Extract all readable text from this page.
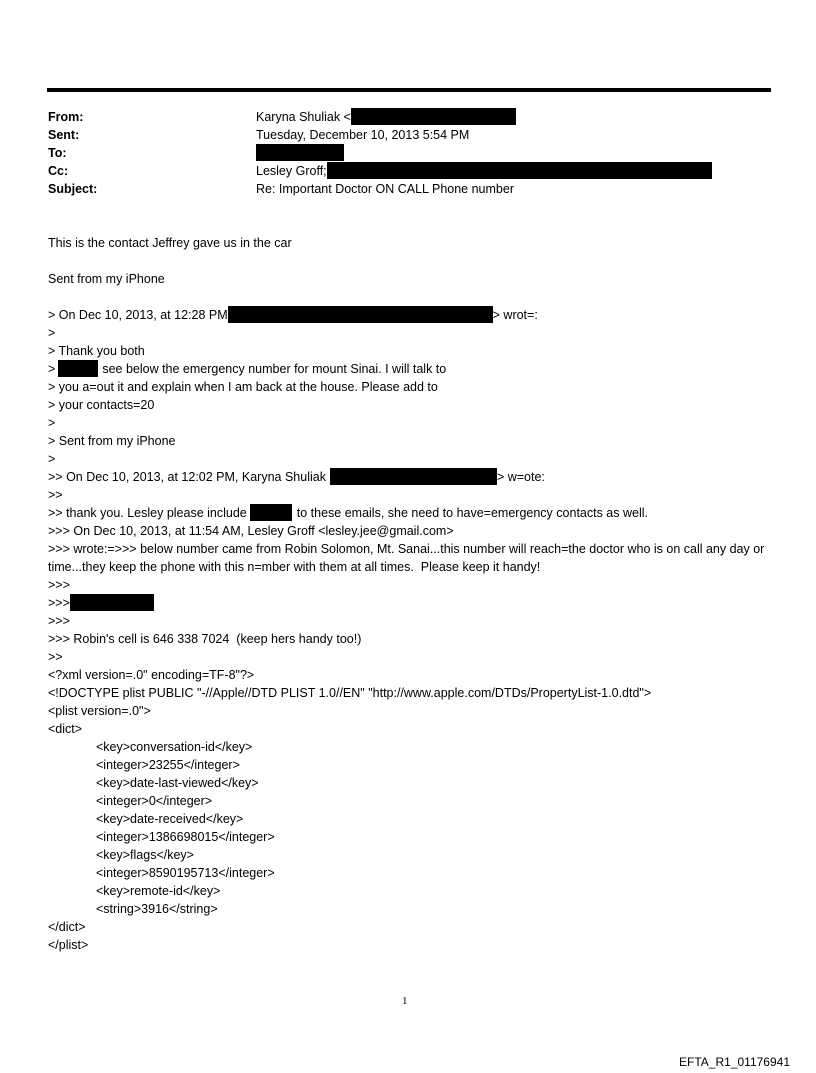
From:	Karyna Shuliak <
Sent:	Tuesday, December 10, 2013 5:54 PM
To:
Cc:	Lesley Groff;
Subject:	Re: Important Doctor ON CALL Phone number
This is the contact Jeffrey gave us in the car
Sent from my iPhone
> On Dec 10, 2013, at 12:28 PM	> wrot=:
>
> Thank you both
>	see below the emergency number for mount Sinai. I will talk to
> you a=out it and explain when I am back at the house. Please add to
> your contacts=20
>
> Sent from my iPhone
>
>> On Dec 10, 2013, at 12:02 PM, Karyna Shuliak	> w=ote:
>>
>> thank you. Lesley please include	to these emails, she need to have=emergency contacts as well.
>>> On Dec 10, 2013, at 11:54 AM, Lesley Groff <lesley.jee@gmail.com>
>>> wrote:=>>> below number came from Robin Solomon, Mt. Sanai...this number will reach=the doctor who is on call any day or time...they keep the phone with this n=mber with them at all times.  Please keep it handy!
>>>
>>>
>>>
>>> Robin's cell is 646 338 7024  (keep hers handy too!)
>>
<?xml version=.0" encoding=TF-8"?>
<!DOCTYPE plist PUBLIC "-//Apple//DTD PLIST 1.0//EN" "http://www.apple.com/DTDs/PropertyList-1.0.dtd">
<plist version=.0">
<dict>
<key>conversation-id</key>
<integer>23255</integer>
<key>date-last-viewed</key>
<integer>0</integer>
<key>date-received</key>
<integer>1386698015</integer>
<key>flags</key>
<integer>8590195713</integer>
<key>remote-id</key>
<string>3916</string>
</dict>
</plist>
1
EFTA_R1_01176941
